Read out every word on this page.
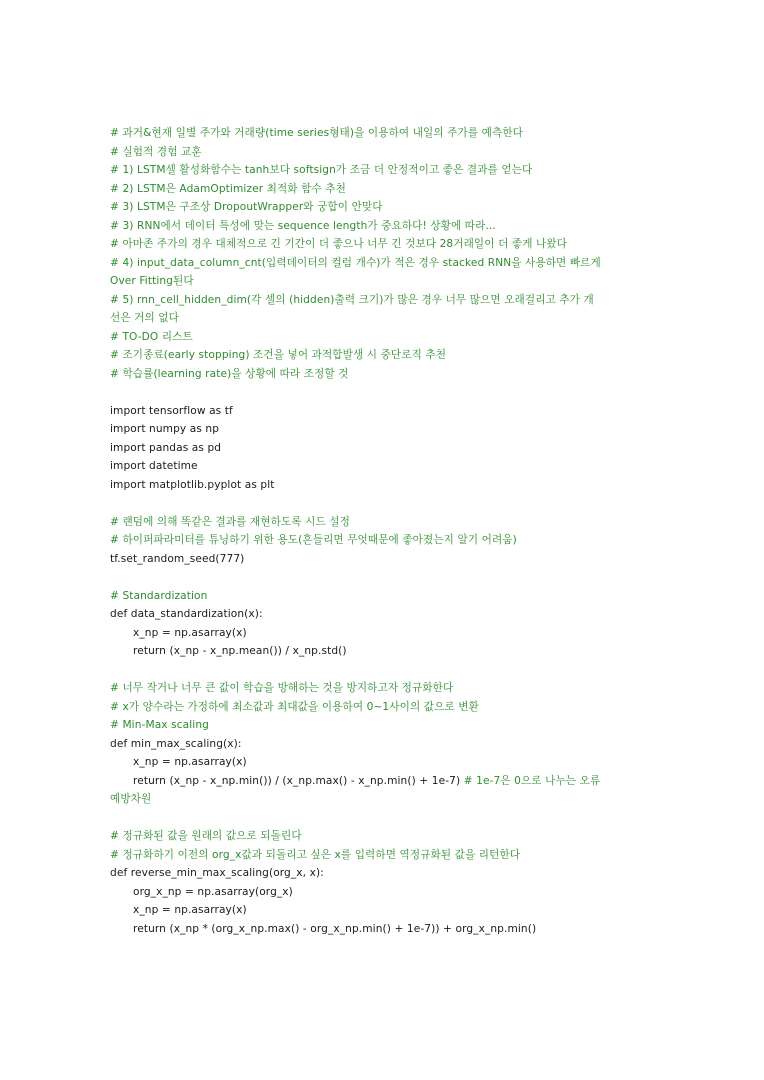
# 과거&현재 일별 주가와 거래량(time series형태)을 이용하여 내일의 주가를 예측한다
# 실험적 경험 교훈
# 1) LSTM셀 활성화함수는 tanh보다 softsign가 조금 더 안정적이고 좋은 결과를 얻는다
# 2) LSTM은 AdamOptimizer 최적화 함수 추천
# 3) LSTM은 구조상 DropoutWrapper와 궁합이 안맞다
# 3) RNN에서 데이터 특성에 맞는 sequence length가 중요하다! 상황에 따라...
# 아마존 주가의 경우 대체적으로 긴 기간이 더 좋으나 너무 긴 것보다 28거래일이 더 좋게 나왔다
# 4) input_data_column_cnt(입력데이터의 컬럼 개수)가 적은 경우 stacked RNN을 사용하면 빠르게
Over Fitting된다
# 5) rnn_cell_hidden_dim(각 셀의 (hidden)출력 크기)가 많은 경우 너무 많으면 오래걸리고 추가 개
선은 거의 없다
# TO-DO 리스트
# 조기종료(early stopping) 조건을 넣어 과적합발생 시 중단로직 추천
# 학습률(learning rate)을 상황에 따라 조정할 것
import tensorflow as tf
import numpy as np
import pandas as pd
import datetime
import matplotlib.pyplot as plt
# 랜덤에 의해 똑같은 결과를 재현하도록 시드 설정
# 하이퍼파라미터를 튜닝하기 위한 용도(흔들리면 무엇때문에 좋아졌는지 알기 어려움)
tf.set_random_seed(777)
# Standardization
def data_standardization(x):
x_np = np.asarray(x)
return (x_np - x_np.mean()) / x_np.std()
# 너무 작거나 너무 큰 값이 학습을 방해하는 것을 방지하고자 정규화한다
# x가 양수라는 가정하에 최소값과 최대값을 이용하여 0~1사이의 값으로 변환
# Min-Max scaling
def min_max_scaling(x):
x_np = np.asarray(x)
return (x_np - x_np.min()) / (x_np.max() - x_np.min() + 1e-7) # 1e-7은 0으로 나누는 오류
예방차원
# 정규화된 값을 원래의 값으로 되돌린다
# 정규화하기 이전의 org_x값과 되돌리고 싶은 x를 입력하면 역정규화된 값을 리턴한다
def reverse_min_max_scaling(org_x, x):
org_x_np = np.asarray(org_x)
x_np = np.asarray(x)
return (x_np * (org_x_np.max() - org_x_np.min() + 1e-7)) + org_x_np.min()
